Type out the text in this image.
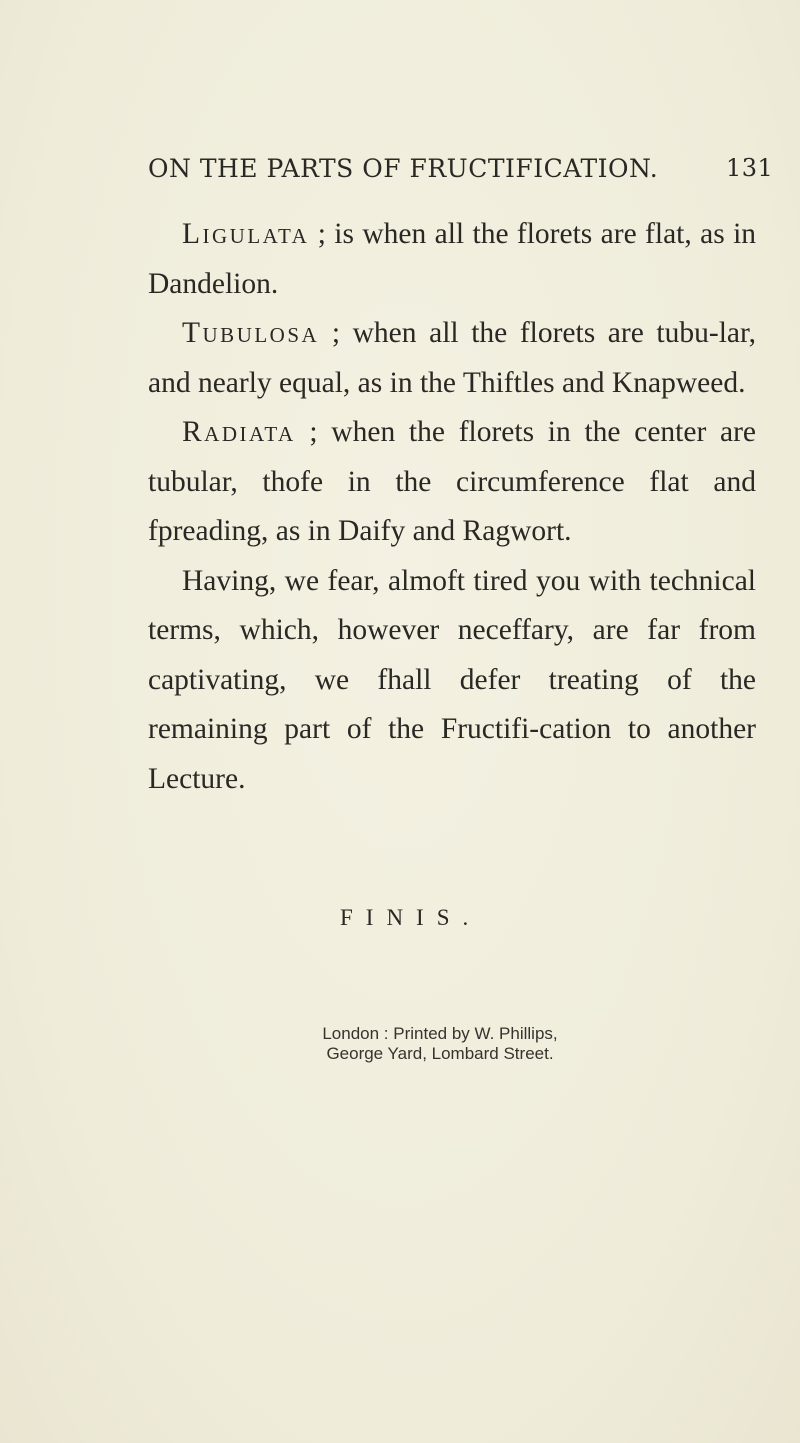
ON THE PARTS OF FRUCTIFICATION.	131

Ligulata ; is when all the florets are flat, as in Dandelion.

Tubulosa ; when all the florets are tubu-lar, and nearly equal, as in the Thiftles and Knapweed.

Radiata ; when the florets in the center are tubular, thofe in the circumference flat and fpreading, as in Daify and Ragwort.

Having, we fear, almoft tired you with technical terms, which, however neceffary, are far from captivating, we fhall defer treating of the remaining part of the Fructifi-cation to another Lecture.

FINIS.
London : Printed by W. Phillips,
George Yard, Lombard Street.
